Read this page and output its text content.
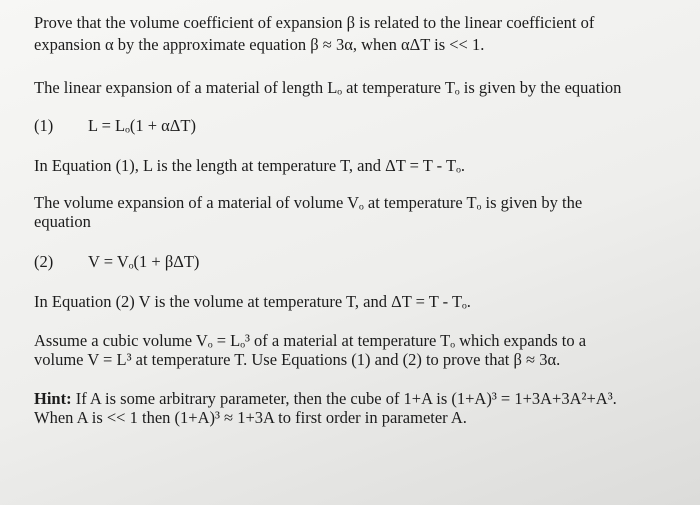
Prove that the volume coefficient of expansion β is related to the linear coefficient of

expansion α by the approximate equation β ≈ 3α, when αΔT is << 1.

The linear expansion of a material of length Lₒ at temperature Tₒ is given by the equation

(1) L = Lₒ(1 + αΔT)

In Equation (1), L is the length at temperature T, and ΔT = T - Tₒ.

The volume expansion of a material of volume Vₒ at temperature Tₒ is given by the

equation

(2) V = Vₒ(1 + βΔT)

In Equation (2) V is the volume at temperature T, and ΔT = T - Tₒ.

Assume a cubic volume Vₒ = Lₒ³ of a material at temperature Tₒ which expands to a

volume V = L³ at temperature T. Use Equations (1) and (2) to prove that β ≈ 3α.

Hint: If A is some arbitrary parameter, then the cube of 1+A is (1+A)³ = 1+3A+3A²+A³.

When A is << 1 then (1+A)³ ≈ 1+3A to first order in parameter A.
